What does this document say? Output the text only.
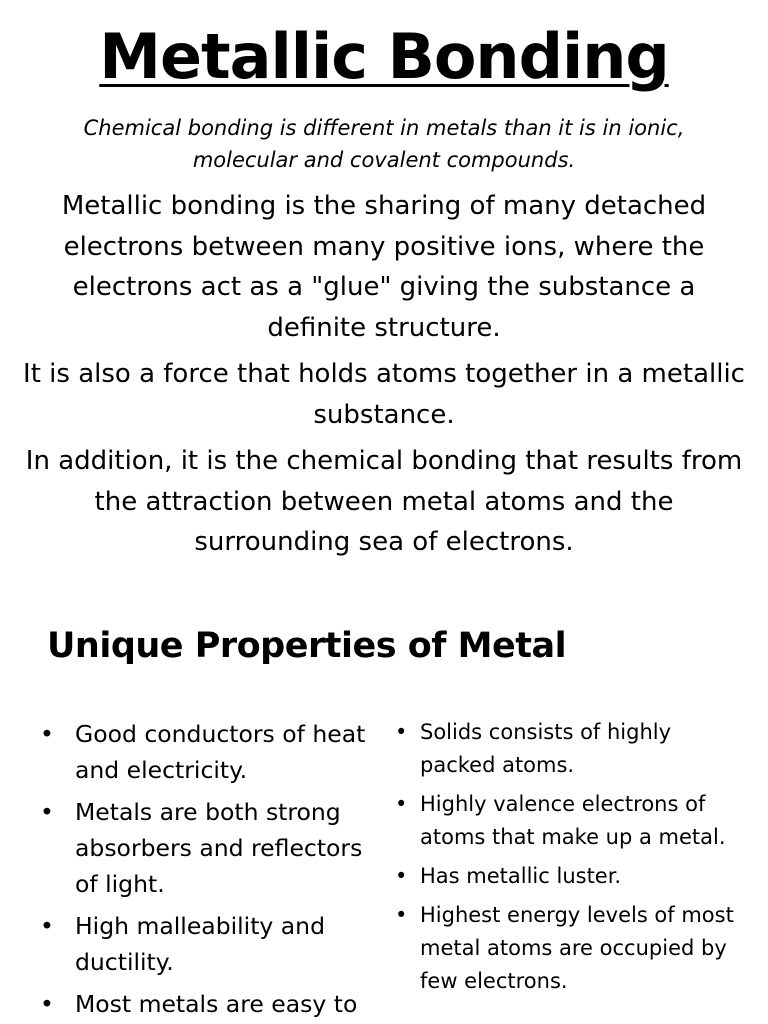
Metallic Bonding

Chemical bonding is different in metals than it is in ionic, molecular and covalent compounds.

Metallic bonding is the sharing of many detached electrons between many positive ions, where the electrons act as a "glue" giving the substance a definite structure.

It is also a force that holds atoms together in a metallic substance.

In addition, it is the chemical bonding that results from the attraction between metal atoms and the surrounding sea of electrons.

Unique Properties of Metal
• Good conductors of heat and electricity.
• Metals are both strong absorbers and reflectors of light.
• High malleability and ductility.
• Most metals are easy to
• Solids consists of highly packed atoms.
• Highly valence electrons of atoms that make up a metal.
• Has metallic luster.
• Highest energy levels of most metal atoms are occupied by few electrons.
